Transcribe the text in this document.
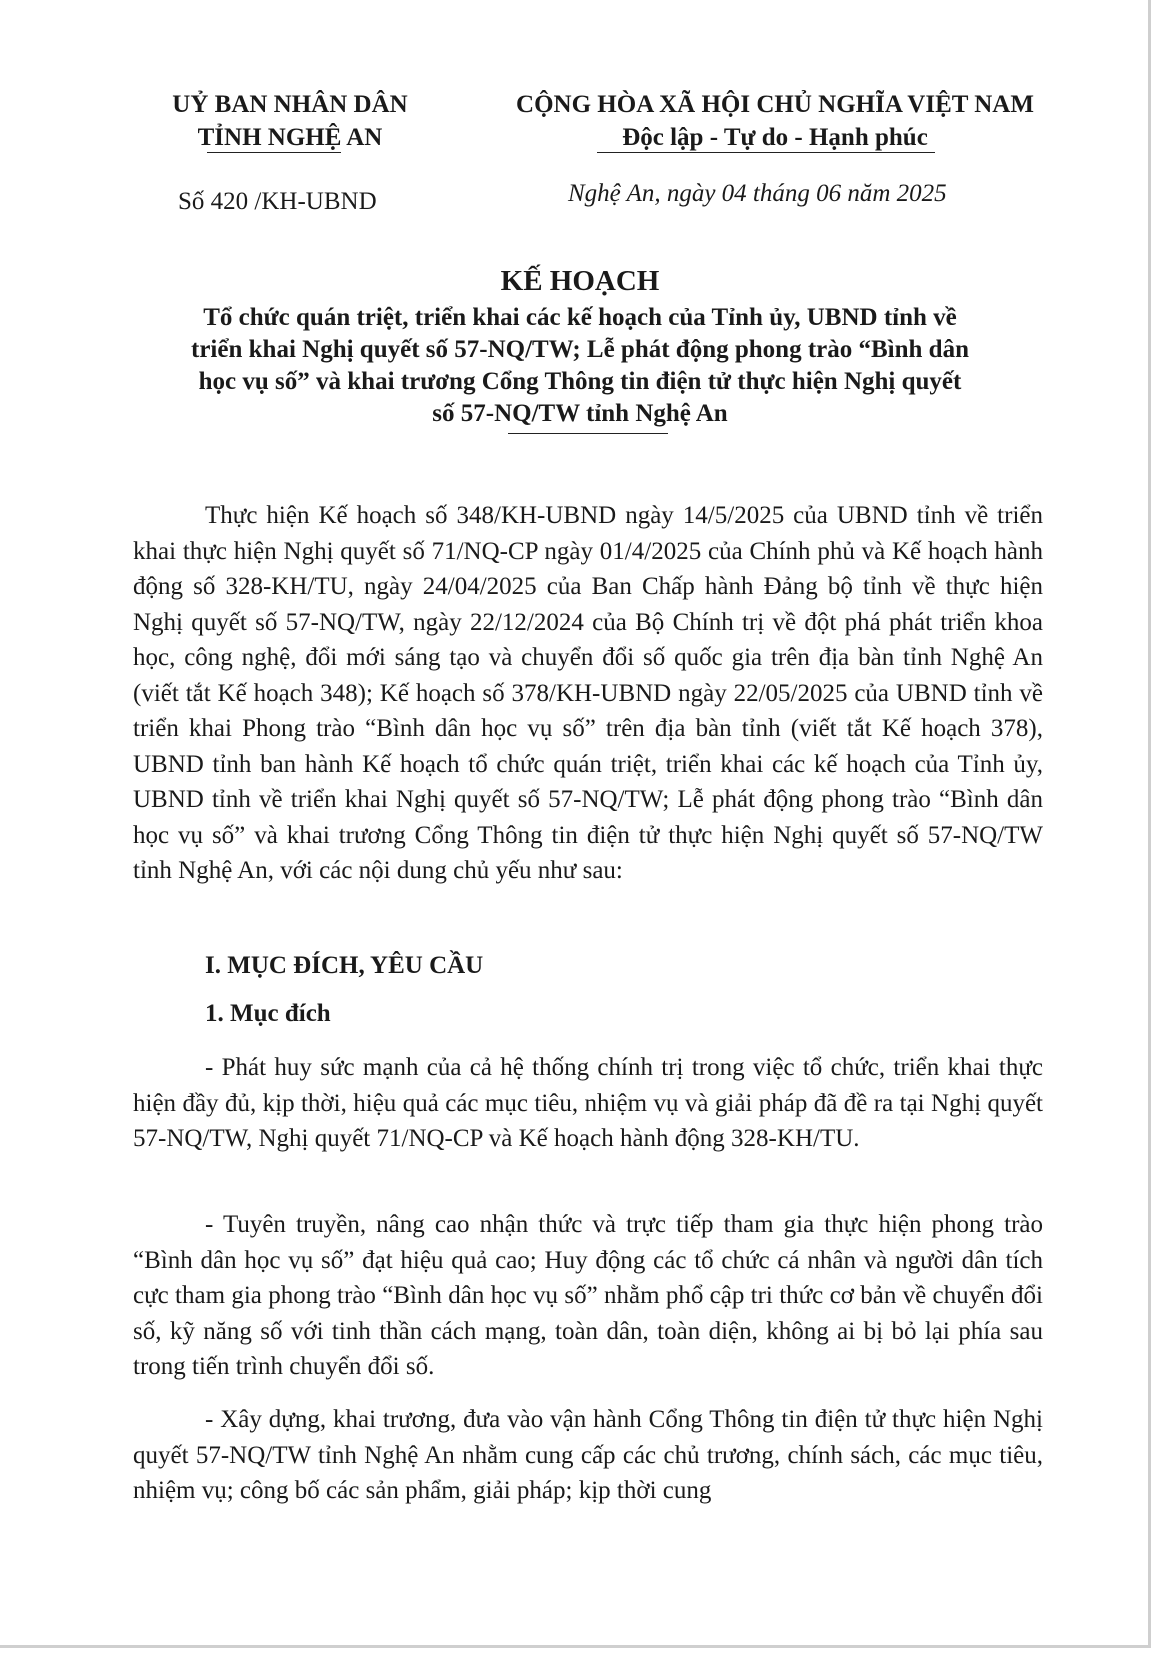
UỶ BAN NHÂN DÂN
TỈNH NGHỆ AN
CỘNG HÒA XÃ HỘI CHỦ NGHĨA VIỆT NAM
Độc lập - Tự do - Hạnh phúc
Số 420 /KH-UBND	Nghệ An, ngày 04 tháng 06 năm 2025
KẾ HOẠCH
Tổ chức quán triệt, triển khai các kế hoạch của Tỉnh ủy, UBND tỉnh về
triển khai Nghị quyết số 57-NQ/TW; Lễ phát động phong trào “Bình dân
học vụ số” và khai trương Cổng Thông tin điện tử thực hiện Nghị quyết
số 57-NQ/TW tỉnh Nghệ An

Thực hiện Kế hoạch số 348/KH-UBND ngày 14/5/2025 của UBND tỉnh về triển khai thực hiện Nghị quyết số 71/NQ-CP ngày 01/4/2025 của Chính phủ và Kế hoạch hành động số 328-KH/TU, ngày 24/04/2025 của Ban Chấp hành Đảng bộ tỉnh về thực hiện Nghị quyết số 57-NQ/TW, ngày 22/12/2024 của Bộ Chính trị về đột phá phát triển khoa học, công nghệ, đổi mới sáng tạo và chuyển đổi số quốc gia trên địa bàn tỉnh Nghệ An (viết tắt Kế hoạch 348); Kế hoạch số 378/KH-UBND ngày 22/05/2025 của UBND tỉnh về triển khai Phong trào “Bình dân học vụ số” trên địa bàn tỉnh (viết tắt Kế hoạch 378), UBND tỉnh ban hành Kế hoạch tổ chức quán triệt, triển khai các kế hoạch của Tỉnh ủy, UBND tỉnh về triển khai Nghị quyết số 57-NQ/TW; Lễ phát động phong trào “Bình dân học vụ số” và khai trương Cổng Thông tin điện tử thực hiện Nghị quyết số 57-NQ/TW tỉnh Nghệ An, với các nội dung chủ yếu như sau:

I. MỤC ĐÍCH, YÊU CẦU
1. Mục đích

- Phát huy sức mạnh của cả hệ thống chính trị trong việc tổ chức, triển khai thực hiện đầy đủ, kịp thời, hiệu quả các mục tiêu, nhiệm vụ và giải pháp đã đề ra tại Nghị quyết 57-NQ/TW, Nghị quyết 71/NQ-CP và Kế hoạch hành động 328-KH/TU.

- Tuyên truyền, nâng cao nhận thức và trực tiếp tham gia thực hiện phong trào “Bình dân học vụ số” đạt hiệu quả cao; Huy động các tổ chức cá nhân và người dân tích cực tham gia phong trào “Bình dân học vụ số” nhằm phổ cập tri thức cơ bản về chuyển đổi số, kỹ năng số với tinh thần cách mạng, toàn dân, toàn diện, không ai bị bỏ lại phía sau trong tiến trình chuyển đổi số.

- Xây dựng, khai trương, đưa vào vận hành Cổng Thông tin điện tử thực hiện Nghị quyết 57-NQ/TW tỉnh Nghệ An nhằm cung cấp các chủ trương, chính sách, các mục tiêu, nhiệm vụ; công bố các sản phẩm, giải pháp; kịp thời cung
